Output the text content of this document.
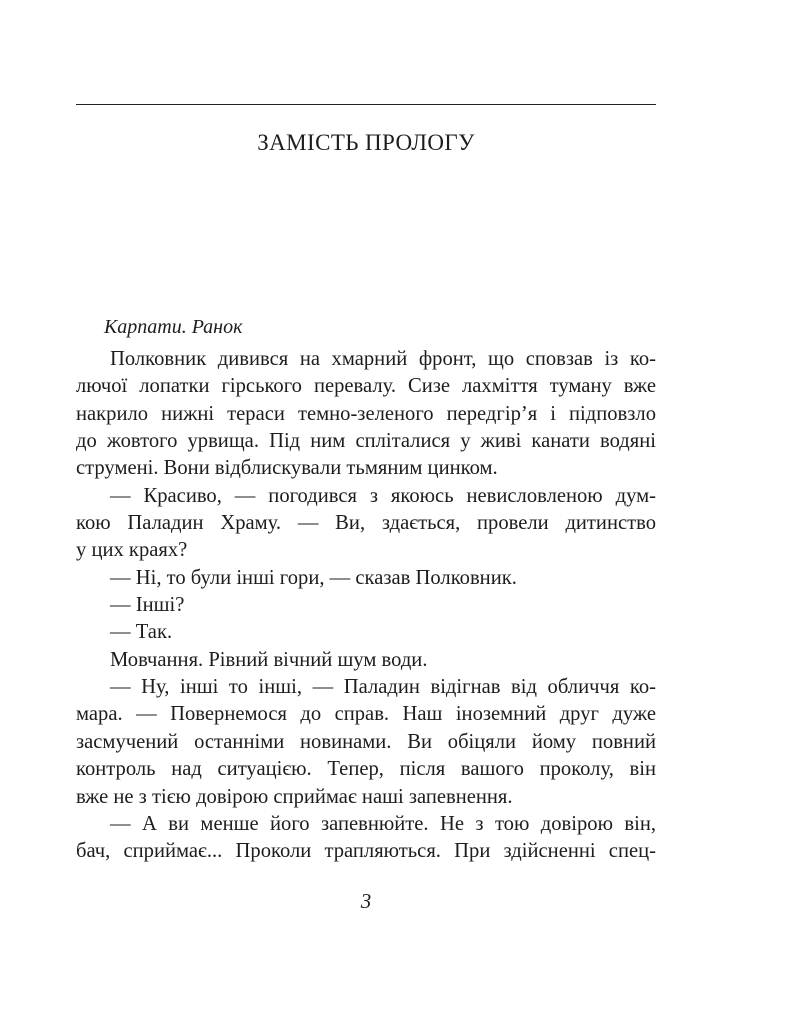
ЗАМІСТЬ ПРОЛОГУ
Карпати. Ранок
Полковник дивився на хмарний фронт, що сповзав із ко-
лючої лопатки гірського перевалу. Сизе лахміття туману вже
накрило нижні тераси темно-зеленого передгір’я і підповзло
до жовтого урвища. Під ним спліталися у живі канати водяні
струмені. Вони відблискували тьмяним цинком.
— Красиво, — погодився з якоюсь невисловленою дум-
кою Паладин Храму. — Ви, здається, провели дитинство
у цих краях?
— Ні, то були інші гори, — сказав Полковник.
— Інші?
— Так.
Мовчання. Рівний вічний шум води.
— Ну, інші то інші, — Паладин відігнав від обличчя ко-
мара. — Повернемося до справ. Наш іноземний друг дуже
засмучений останніми новинами. Ви обіцяли йому повний
контроль над ситуацією. Тепер, після вашого проколу, він
вже не з тією довірою сприймає наші запевнення.
— А ви менше його запевнюйте. Не з тою довірою він,
бач, сприймає... Проколи трапляються. При здійсненні спец-
3
